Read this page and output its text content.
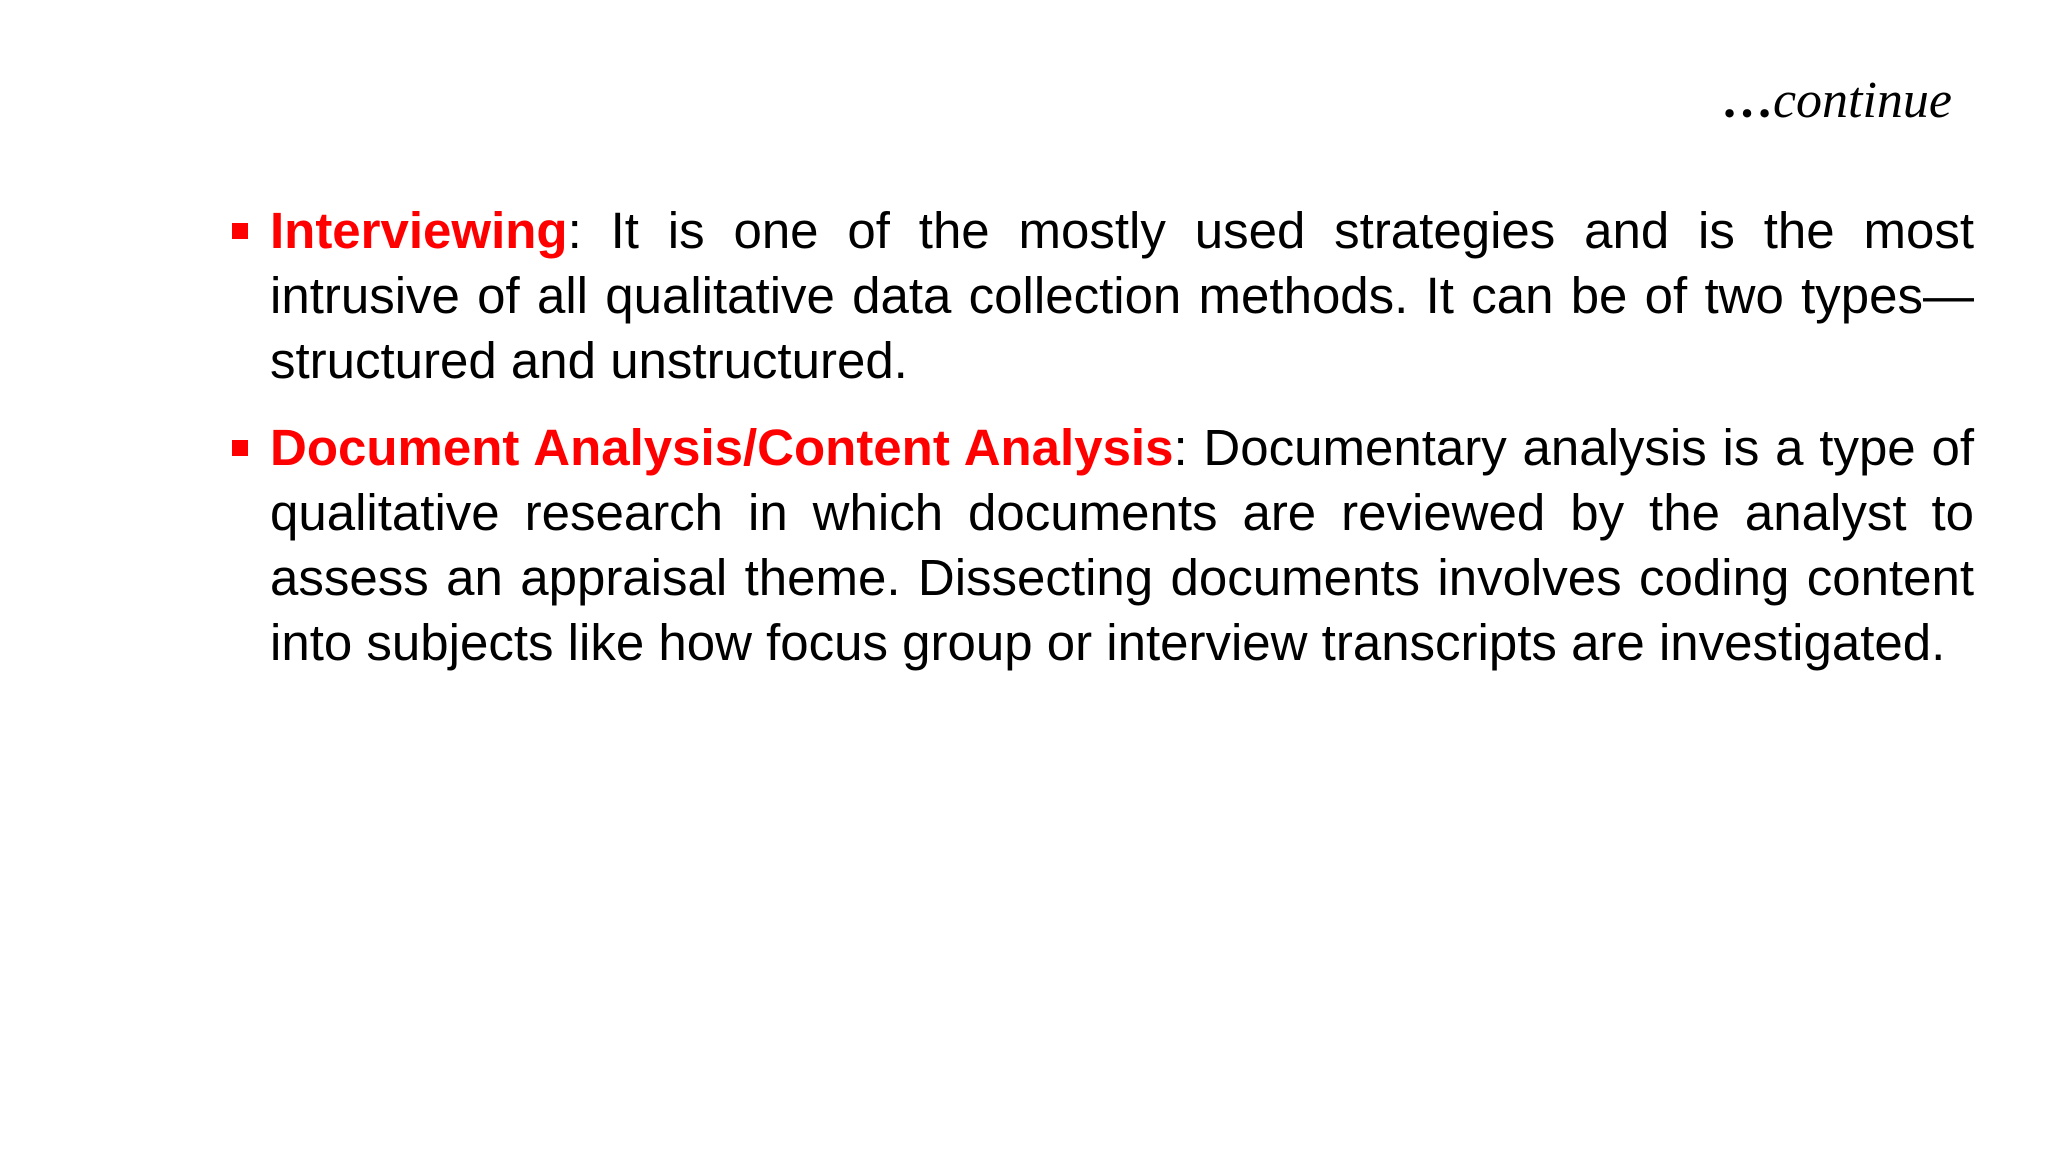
…continue
Interviewing: It is one of the mostly used strategies and is the most intrusive of all qualitative data collection methods. It can be of two types—structured and unstructured.
Document Analysis/Content Analysis: Documentary analysis is a type of qualitative research in which documents are reviewed by the analyst to assess an appraisal theme. Dissecting documents involves coding content into subjects like how focus group or interview transcripts are investigated.
